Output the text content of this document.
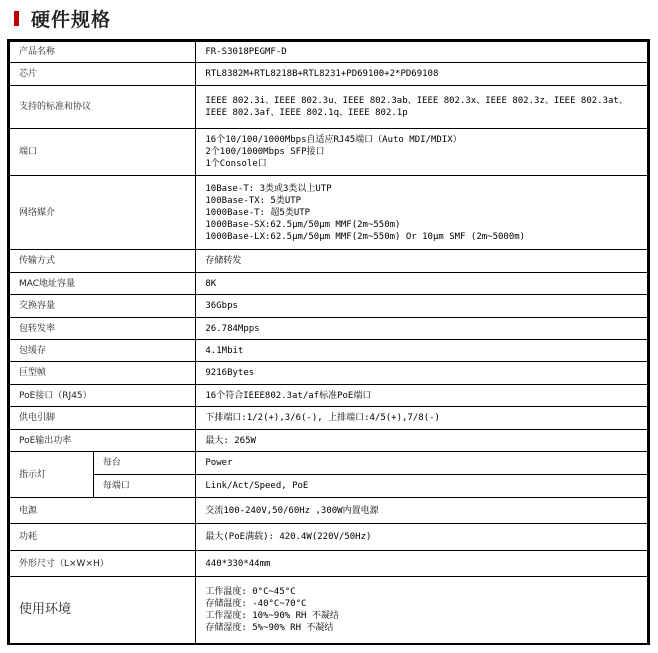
硬件规格
产品名称		FR-S3018PEGMF-D

芯片		RTL8382M+RTL8218B+RTL8231+PD69100+2*PD69108

支持的标准和协议		IEEE 802.3i、IEEE 802.3u、IEEE 802.3ab、IEEE 802.3x、IEEE 802.3z、IEEE 802.3at、
IEEE 802.3af、IEEE 802.1q、IEEE 802.1p

端口		16个10/100/1000Mbps自适应RJ45端口（Auto MDI/MDIX）
2个100/1000Mbps SFP接口
1个Console口

网络媒介		10Base-T: 3类或3类以上UTP
100Base-TX: 5类UTP
1000Base-T: 超5类UTP
1000Base-SX:62.5μm/50μm MMF(2m~550m)
1000Base-LX:62.5μm/50μm MMF(2m~550m) Or 10μm SMF (2m~5000m)

传输方式		存储转发

MAC地址容量		8K

交换容量		36Gbps

包转发率		26.784Mpps

包缓存		4.1Mbit

巨型帧		9216Bytes

PoE接口（RJ45）		16个符合IEEE802.3at/af标准PoE端口

供电引脚		下排端口:1/2(+),3/6(-), 上排端口:4/5(+),7/8(-)

PoE输出功率		最大: 265W

指示灯	每台	Power
	每端口	Link/Act/Speed, PoE
电源		交流100-240V,50/60Hz ,300W内置电源

功耗		最大(PoE满载): 420.4W(220V/50Hz)

外形尺寸（L×W×H）		440*330*44mm

使用环境		工作温度: 0°C~45°C
存储温度: -40°C~70°C
工作湿度: 10%~90% RH 不凝结
存储湿度: 5%~90% RH 不凝结
